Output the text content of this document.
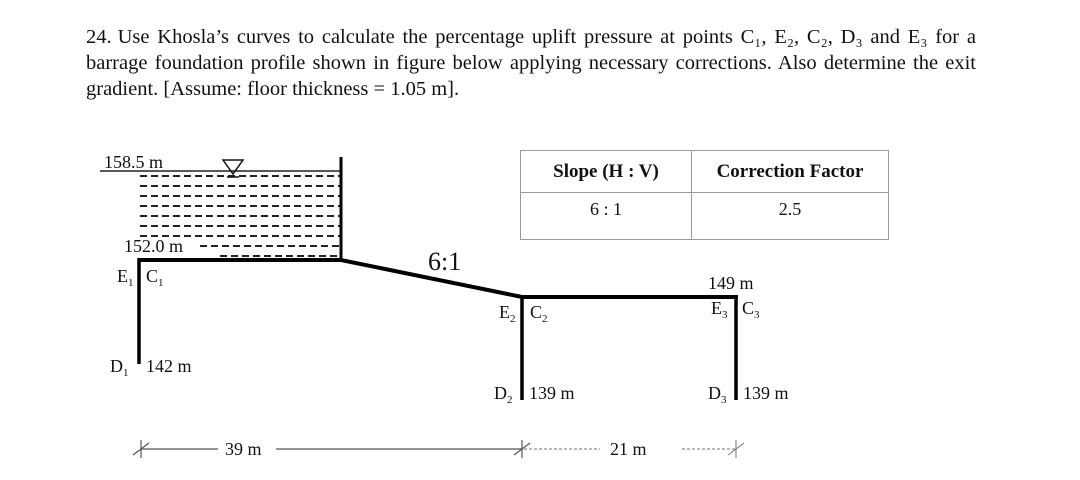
24. Use Khosla’s curves to calculate the percentage uplift pressure at points C₁, E₂, C₂, D₃ and E₃ for a barrage foundation profile shown in figure below applying necessary corrections. Also determine the exit gradient. [Assume: floor thickness = 1.05 m].

158.5 m
152.0 m
6:1
149 m
$E_1$ $C_1$
$D_1$ 142 m
$E_2$ $C_2$
$D_2$ 139 m
$E_3$ $C_3$
$D_3$ 139 m
39 m	21 m
Slope (H : V)	Correction Factor
6 : 1	2.5
